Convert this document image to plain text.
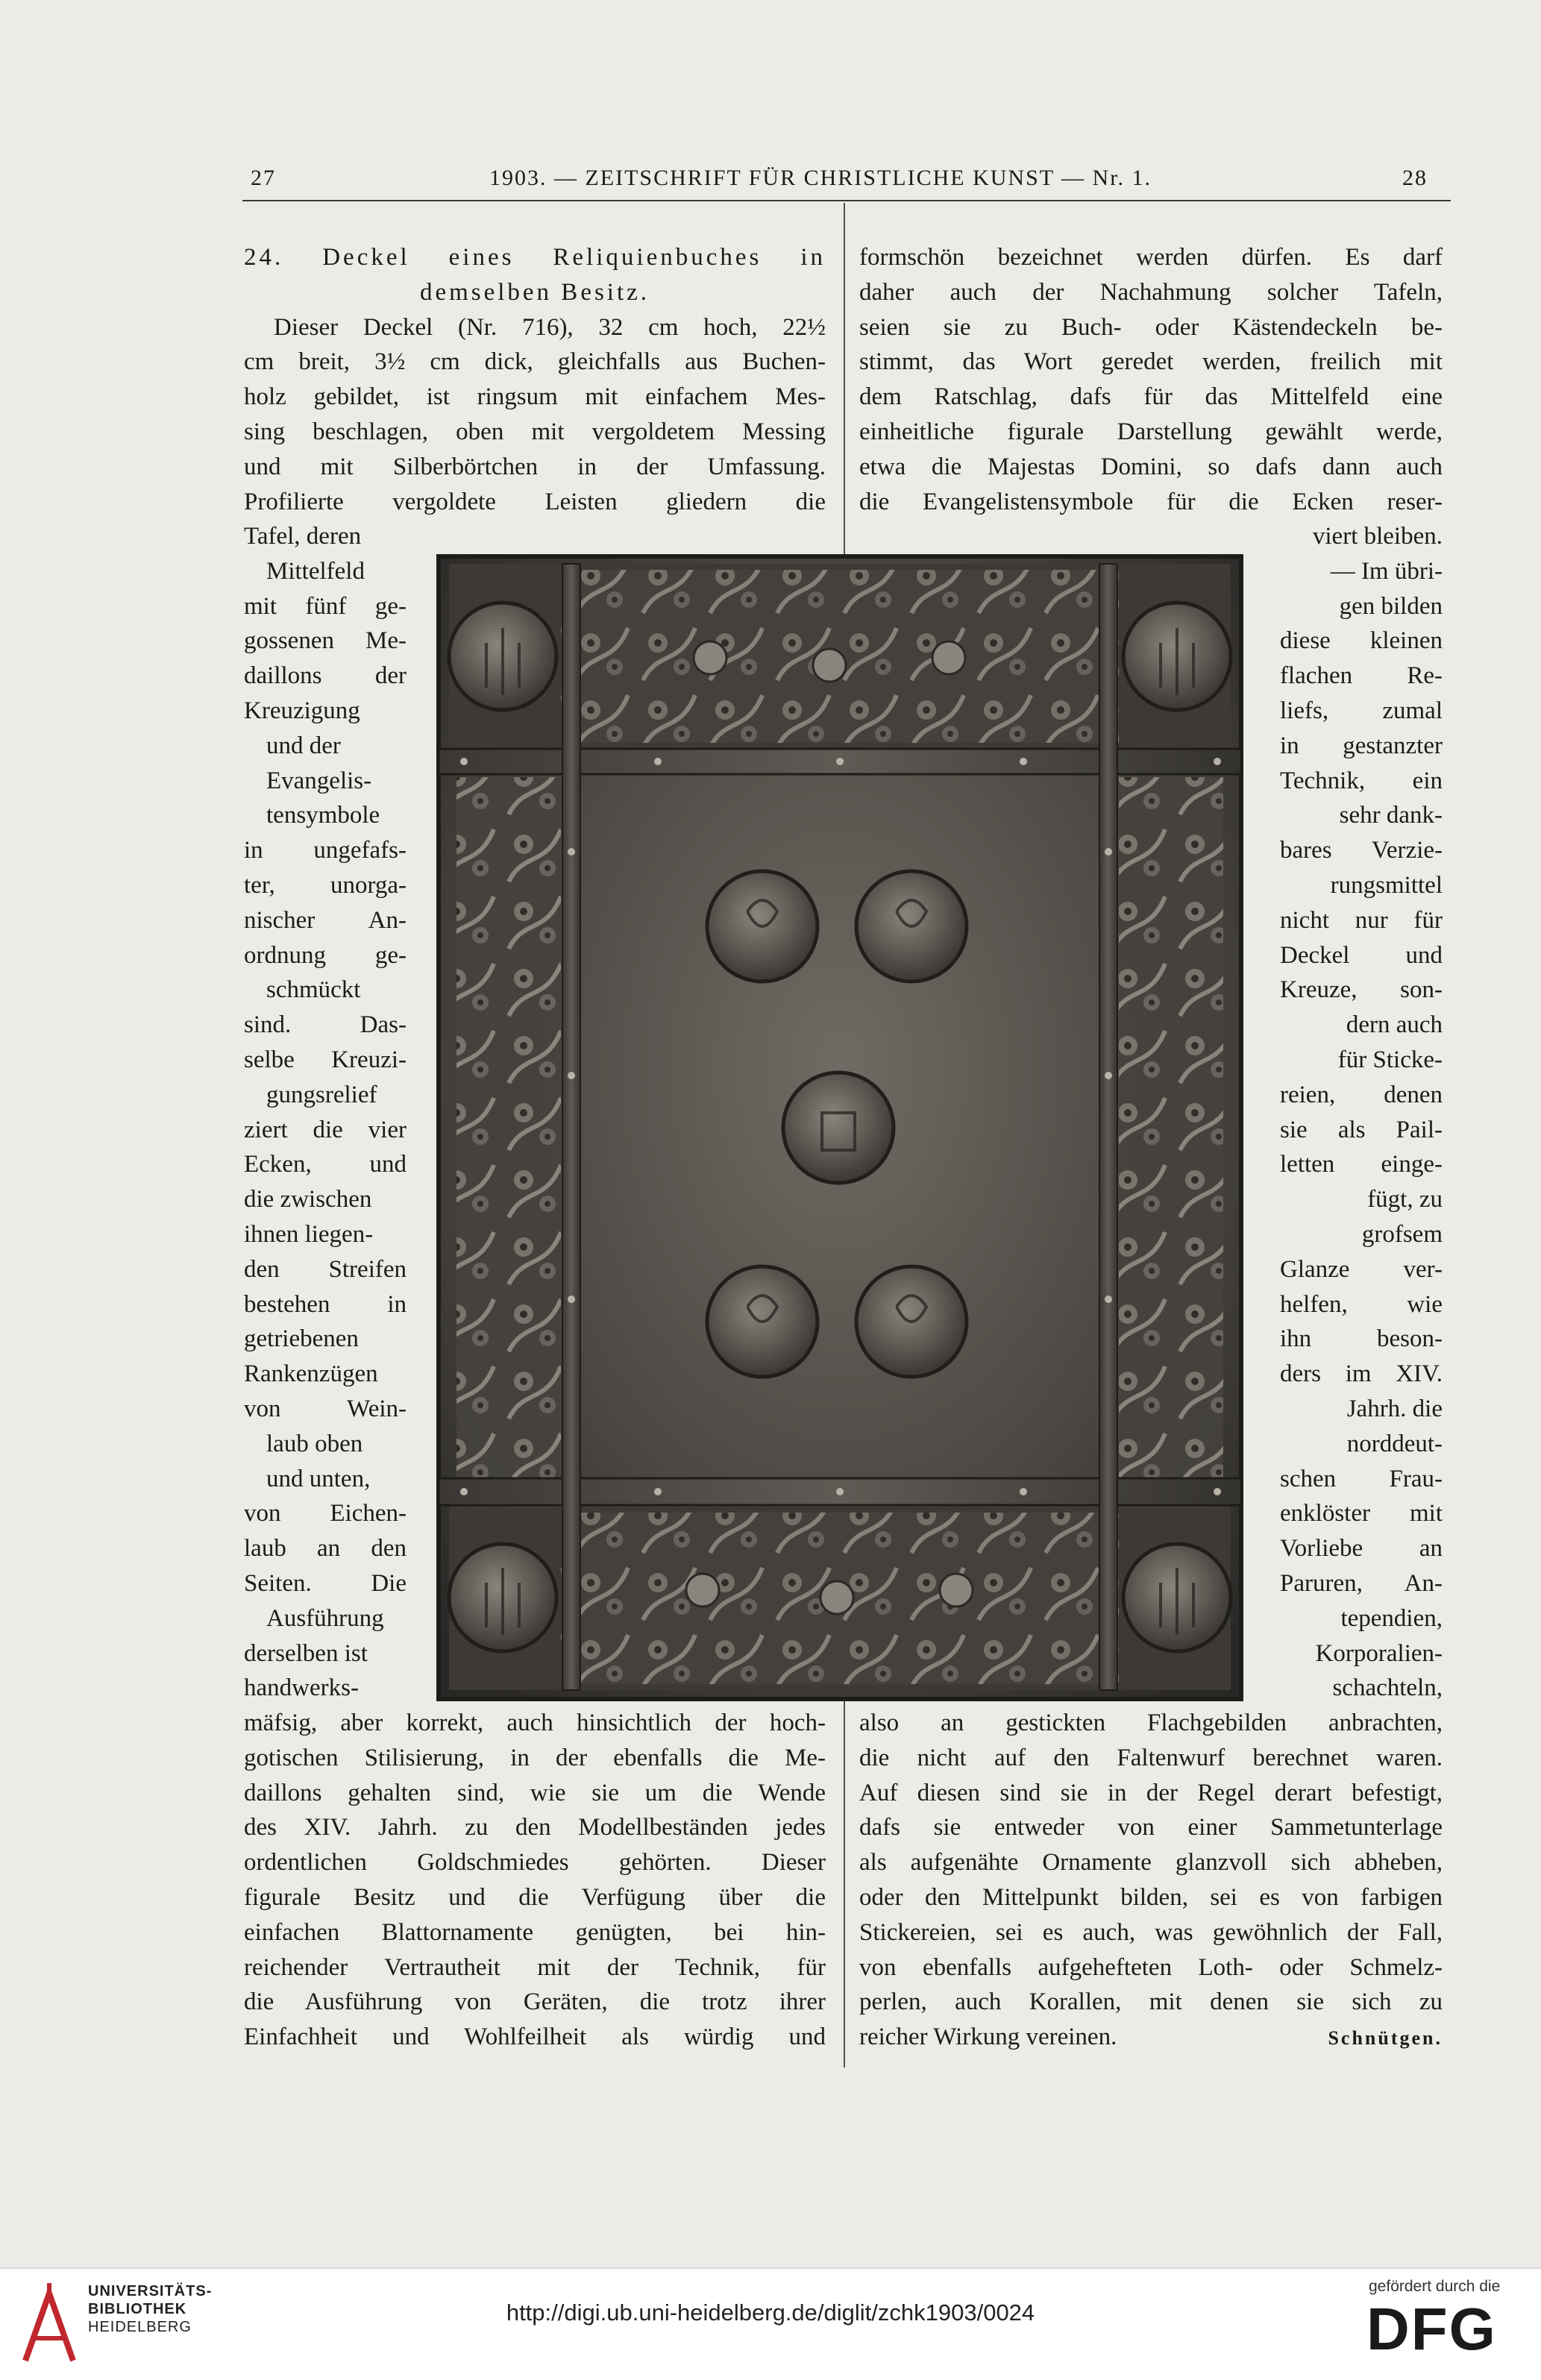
27	1903. — ZEITSCHRIFT FÜR CHRISTLICHE KUNST — Nr. 1.	28
24. Deckel eines Reliquienbuches in
demselben Besitz.
Dieser Deckel (Nr. 716), 32 cm hoch, 22½
cm breit, 3½ cm dick, gleichfalls aus Buchen-
holz gebildet, ist ringsum mit einfachem Mes-
sing beschlagen, oben mit vergoldetem Messing
und mit Silberbörtchen in der Umfassung.
Profilierte vergoldete Leisten gliedern die
Tafel, deren
Mittelfeld
mit fünf ge-
gossenen Me-
daillons der
Kreuzigung
und der
Evangelis-
tensymbole
in ungefafs-
ter, unorga-
nischer An-
ordnung ge-
schmückt
sind. Das-
selbe Kreuzi-
gungsrelief
ziert die vier
Ecken, und
die zwischen
ihnen liegen-
den Streifen
bestehen in
getriebenen
Rankenzügen
von Wein-
laub oben
und unten,
von Eichen-
laub an den
Seiten. Die
Ausführung
derselben ist
handwerks-
mäfsig, aber korrekt, auch hinsichtlich der hoch-
gotischen Stilisierung, in der ebenfalls die Me-
daillons gehalten sind, wie sie um die Wende
des XIV. Jahrh. zu den Modellbeständen jedes
ordentlichen Goldschmiedes gehörten. Dieser
figurale Besitz und die Verfügung über die
einfachen Blattornamente genügten, bei hin-
reichender Vertrautheit mit der Technik, für
die Ausführung von Geräten, die trotz ihrer
Einfachheit und Wohlfeilheit als würdig und
formschön bezeichnet werden dürfen. Es darf
daher auch der Nachahmung solcher Tafeln,
seien sie zu Buch- oder Kästendeckeln be-
stimmt, das Wort geredet werden, freilich mit
dem Ratschlag, dafs für das Mittelfeld eine
einheitliche figurale Darstellung gewählt werde,
etwa die Majestas Domini, so dafs dann auch
die Evangelistensymbole für die Ecken reser-
viert bleiben.
— Im übri-
gen bilden
diese kleinen
flachen Re-
liefs, zumal
in gestanzter
Technik, ein
sehr dank-
bares Verzie-
rungsmittel
nicht nur für
Deckel und
Kreuze, son-
dern auch
für Sticke-
reien, denen
sie als Pail-
letten einge-
fügt, zu
grofsem
Glanze ver-
helfen, wie
ihn beson-
ders im XIV.
Jahrh. die
norddeut-
schen Frau-
enklöster mit
Vorliebe an
Paruren, An-
tependien,
Korporalien-
schachteln,
also an gestickten Flachgebilden anbrachten,
die nicht auf den Faltenwurf berechnet waren.
Auf diesen sind sie in der Regel derart befestigt,
dafs sie entweder von einer Sammetunterlage
als aufgenähte Ornamente glanzvoll sich abheben,
oder den Mittelpunkt bilden, sei es von farbigen
Stickereien, sei es auch, was gewöhnlich der Fall,
von ebenfalls aufgehefteten Loth- oder Schmelz-
perlen, auch Korallen, mit denen sie sich zu
reicher Wirkung vereinen.	Schnütgen.
UNIVERSITÄTS-
BIBLIOTHEK
HEIDELBERG
http://digi.ub.uni-heidelberg.de/diglit/zchk1903/0024
gefördert durch die
DFG
